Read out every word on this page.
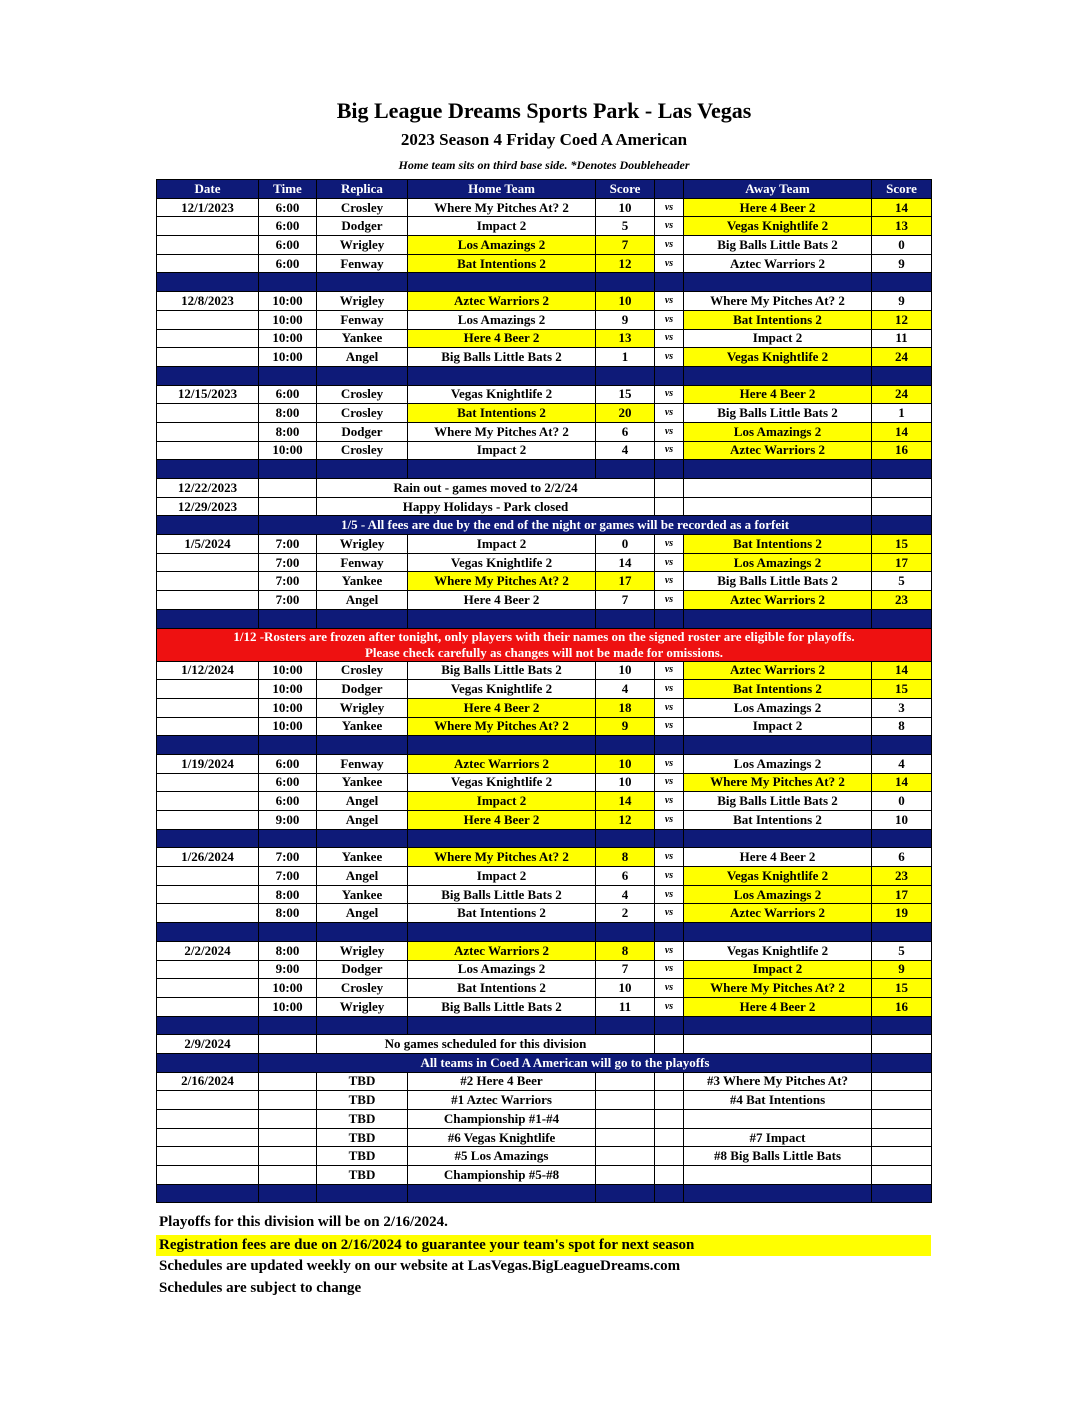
Big League Dreams Sports Park - Las Vegas
2023 Season 4 Friday Coed A American
Home team sits on third base side. *Denotes Doubleheader
Date	Time	Replica	Home Team	Score		Away Team	Score
12/1/2023	6:00	Crosley	Where My Pitches At? 2	10	vs	Here 4 Beer 2	14
	6:00	Dodger	Impact 2	5	vs	Vegas Knightlife 2	13
	6:00	Wrigley	Los Amazings 2	7	vs	Big Balls Little Bats 2	0
	6:00	Fenway	Bat Intentions 2	12	vs	Aztec Warriors 2	9

12/8/2023	10:00	Wrigley	Aztec Warriors 2	10	vs	Where My Pitches At? 2	9
	10:00	Fenway	Los Amazings 2	9	vs	Bat Intentions 2	12
	10:00	Yankee	Here 4 Beer 2	13	vs	Impact 2	11
	10:00	Angel	Big Balls Little Bats 2	1	vs	Vegas Knightlife 2	24

12/15/2023	6:00	Crosley	Vegas Knightlife 2	15	vs	Here 4 Beer 2	24
	8:00	Crosley	Bat Intentions 2	20	vs	Big Balls Little Bats 2	1
	8:00	Dodger	Where My Pitches At? 2	6	vs	Los Amazings 2	14
	10:00	Crosley	Impact 2	4	vs	Aztec Warriors 2	16

12/22/2023		Rain out - games moved to 2/2/24					
12/29/2023		Happy Holidays - Park closed					
	1/5 - All fees are due by the end of the night or games will be recorded as a forfeit						
1/5/2024	7:00	Wrigley	Impact 2	0	vs	Bat Intentions 2	15
	7:00	Fenway	Vegas Knightlife 2	14	vs	Los Amazings 2	17
	7:00	Yankee	Where My Pitches At? 2	17	vs	Big Balls Little Bats 2	5
	7:00	Angel	Here 4 Beer 2	7	vs	Aztec Warriors 2	23

1/12 -Rosters are frozen after tonight, only players with their names on the signed roster are eligible for playoffs.
Please check carefully as changes will not be made for omissions.							

1/12/2024	10:00	Crosley	Big Balls Little Bats 2	10	vs	Aztec Warriors 2	14
	10:00	Dodger	Vegas Knightlife 2	4	vs	Bat Intentions 2	15
	10:00	Wrigley	Here 4 Beer 2	18	vs	Los Amazings 2	3
	10:00	Yankee	Where My Pitches At? 2	9	vs	Impact 2	8

1/19/2024	6:00	Fenway	Aztec Warriors 2	10	vs	Los Amazings 2	4
	6:00	Yankee	Vegas Knightlife 2	10	vs	Where My Pitches At? 2	14
	6:00	Angel	Impact 2	14	vs	Big Balls Little Bats 2	0
	9:00	Angel	Here 4 Beer 2	12	vs	Bat Intentions 2	10

1/26/2024	7:00	Yankee	Where My Pitches At? 2	8	vs	Here 4 Beer 2	6
	7:00	Angel	Impact 2	6	vs	Vegas Knightlife 2	23
	8:00	Yankee	Big Balls Little Bats 2	4	vs	Los Amazings 2	17
	8:00	Angel	Bat Intentions 2	2	vs	Aztec Warriors 2	19

2/2/2024	8:00	Wrigley	Aztec Warriors 2	8	vs	Vegas Knightlife 2	5
	9:00	Dodger	Los Amazings 2	7	vs	Impact 2	9
	10:00	Crosley	Bat Intentions 2	10	vs	Where My Pitches At? 2	15
	10:00	Wrigley	Big Balls Little Bats 2	11	vs	Here 4 Beer 2	16

2/9/2024		No games scheduled for this division					
	All teams in Coed A American will go to the playoffs						
2/16/2024		TBD	#2 Here 4 Beer			#3 Where My Pitches At?	
		TBD	#1 Aztec Warriors			#4 Bat Intentions	
		TBD	Championship #1-#4				
		TBD	#6 Vegas Knightlife			#7 Impact	
		TBD	#5 Los Amazings			#8 Big Balls Little Bats	
		TBD	Championship #5-#8				

Playoffs for this division will be on 2/16/2024.
Registration fees are due on 2/16/2024 to guarantee your team's spot for next season
Schedules are updated weekly on our website at LasVegas.BigLeagueDreams.com
Schedules are subject to change
